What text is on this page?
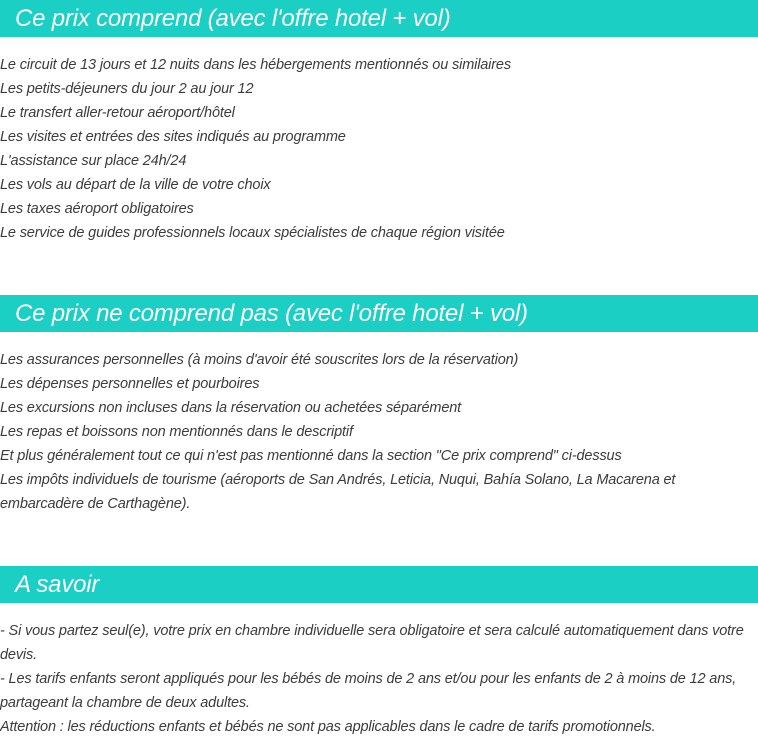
Ce prix comprend (avec l'offre hotel + vol)
Le circuit de 13 jours et 12 nuits dans les hébergements mentionnés ou similaires
Les petits-déjeuners du jour 2 au jour 12
Le transfert aller-retour aéroport/hôtel
Les visites et entrées des sites indiqués au programme
L'assistance sur place 24h/24
Les vols au départ de la ville de votre choix
Les taxes aéroport obligatoires
Le service de guides professionnels locaux spécialistes de chaque région visitée
Ce prix ne comprend pas (avec l'offre hotel + vol)
Les assurances personnelles (à moins d'avoir été souscrites lors de la réservation)
Les dépenses personnelles et pourboires
Les excursions non incluses dans la réservation ou achetées séparément
Les repas et boissons non mentionnés dans le descriptif
Et plus généralement tout ce qui n'est pas mentionné dans la section "Ce prix comprend" ci-dessus
Les impôts individuels de tourisme (aéroports de San Andrés, Leticia, Nuqui, Bahía Solano, La Macarena et embarcadère de Carthagène).
A savoir
- Si vous partez seul(e), votre prix en chambre individuelle sera obligatoire et sera calculé automatiquement dans votre devis.
- Les tarifs enfants seront appliqués pour les bébés de moins de 2 ans et/ou pour les enfants de 2 à moins de 12 ans, partageant la chambre de deux adultes.
Attention : les réductions enfants et bébés ne sont pas applicables dans le cadre de tarifs promotionnels.
